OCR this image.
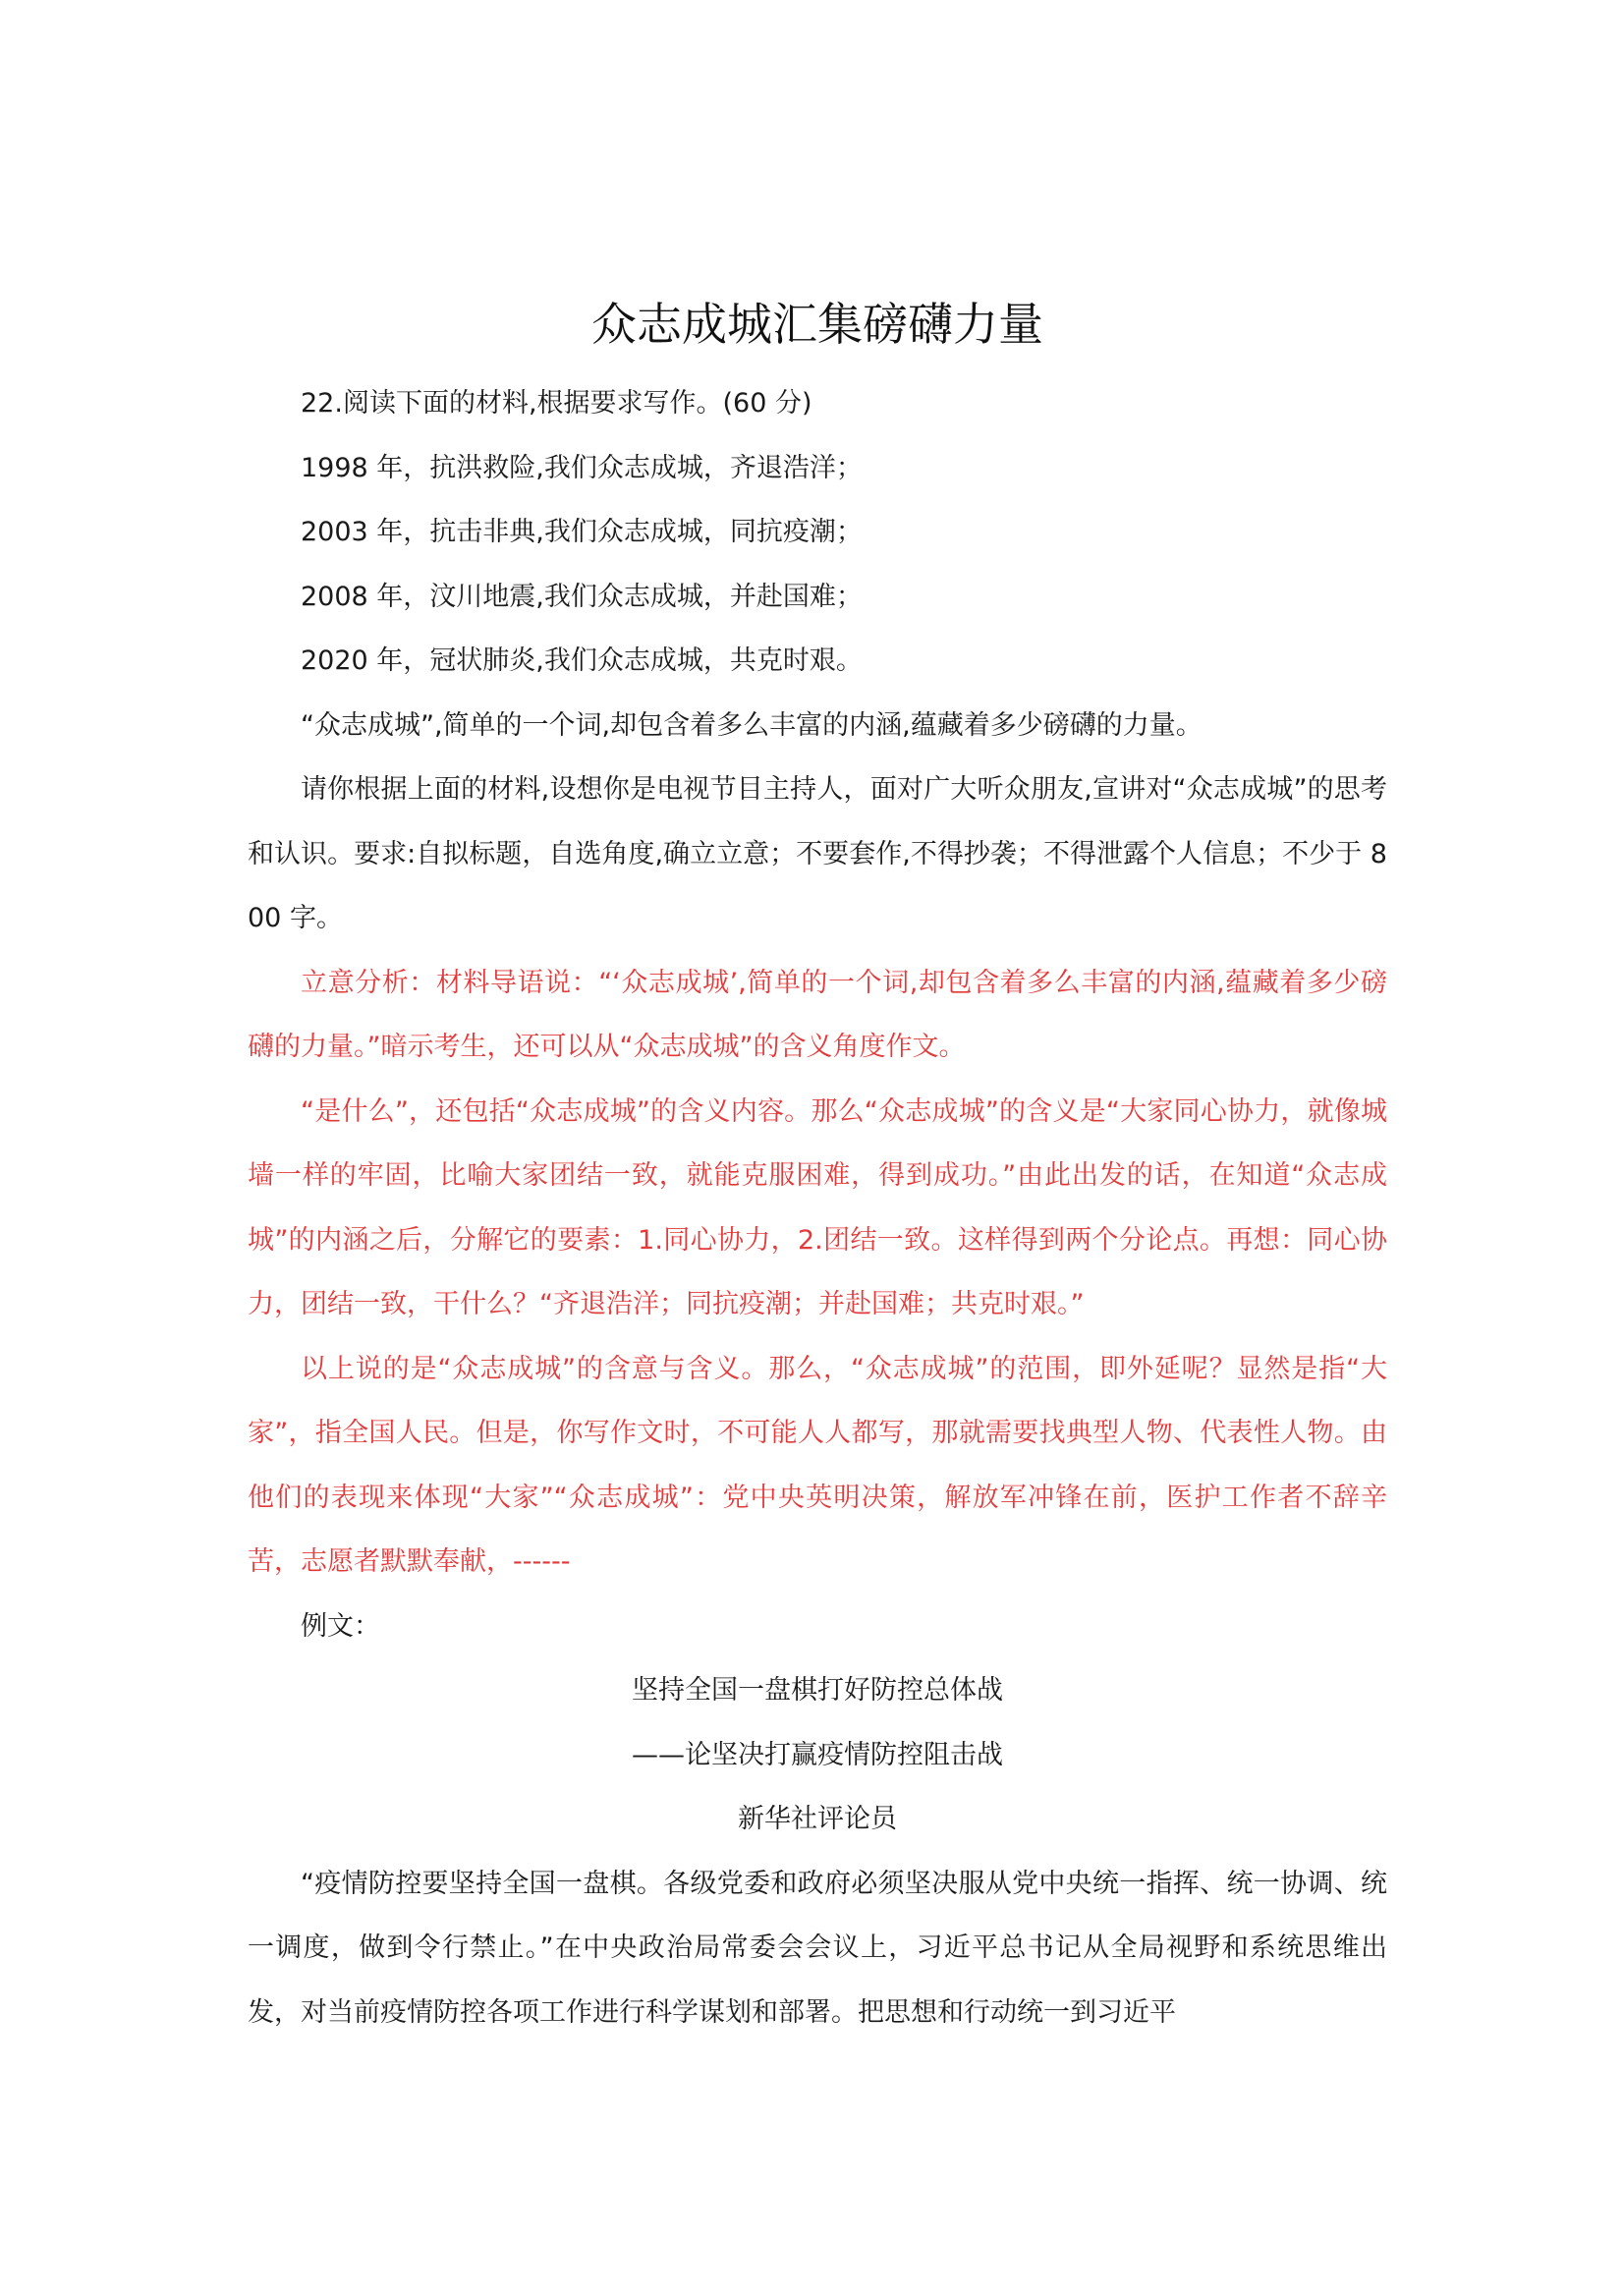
众志成城汇集磅礴力量

22.阅读下面的材料,根据要求写作。(60 分)

1998 年，抗洪救险,我们众志成城，齐退浩洋；

2003 年，抗击非典,我们众志成城，同抗疫潮；

2008 年，汶川地震,我们众志成城，并赴国难；

2020 年，冠状肺炎,我们众志成城，共克时艰。

“众志成城”,简单的一个词,却包含着多么丰富的内涵,蕴藏着多少磅礴的力量。

请你根据上面的材料,设想你是电视节目主持人，面对广大听众朋友,宣讲对“众志成城”的思考和认识。要求:自拟标题，自选角度,确立立意；不要套作,不得抄袭；不得泄露个人信息；不少于 800 字。

立意分析：材料导语说：“‘众志成城’,简单的一个词,却包含着多么丰富的内涵,蕴藏着多少磅礴的力量。”暗示考生，还可以从“众志成城”的含义角度作文。

“是什么”，还包括“众志成城”的含义内容。那么“众志成城”的含义是“大家同心协力，就像城墙一样的牢固，比喻大家团结一致，就能克服困难，得到成功。”由此出发的话，在知道“众志成城”的内涵之后，分解它的要素：1.同心协力，2.团结一致。这样得到两个分论点。再想：同心协力，团结一致，干什么？“齐退浩洋；同抗疫潮；并赴国难；共克时艰。”

以上说的是“众志成城”的含意与含义。那么，“众志成城”的范围，即外延呢？显然是指“大家”，指全国人民。但是，你写作文时，不可能人人都写，那就需要找典型人物、代表性人物。由他们的表现来体现“大家”“众志成城”：党中央英明决策，解放军冲锋在前，医护工作者不辞辛苦，志愿者默默奉献，------

例文：

坚持全国一盘棋打好防控总体战

——论坚决打赢疫情防控阻击战

新华社评论员

“疫情防控要坚持全国一盘棋。各级党委和政府必须坚决服从党中央统一指挥、统一协调、统一调度，做到令行禁止。”在中央政治局常委会会议上，习近平总书记从全局视野和系统思维出发，对当前疫情防控各项工作进行科学谋划和部署。把思想和行动统一到习近平
